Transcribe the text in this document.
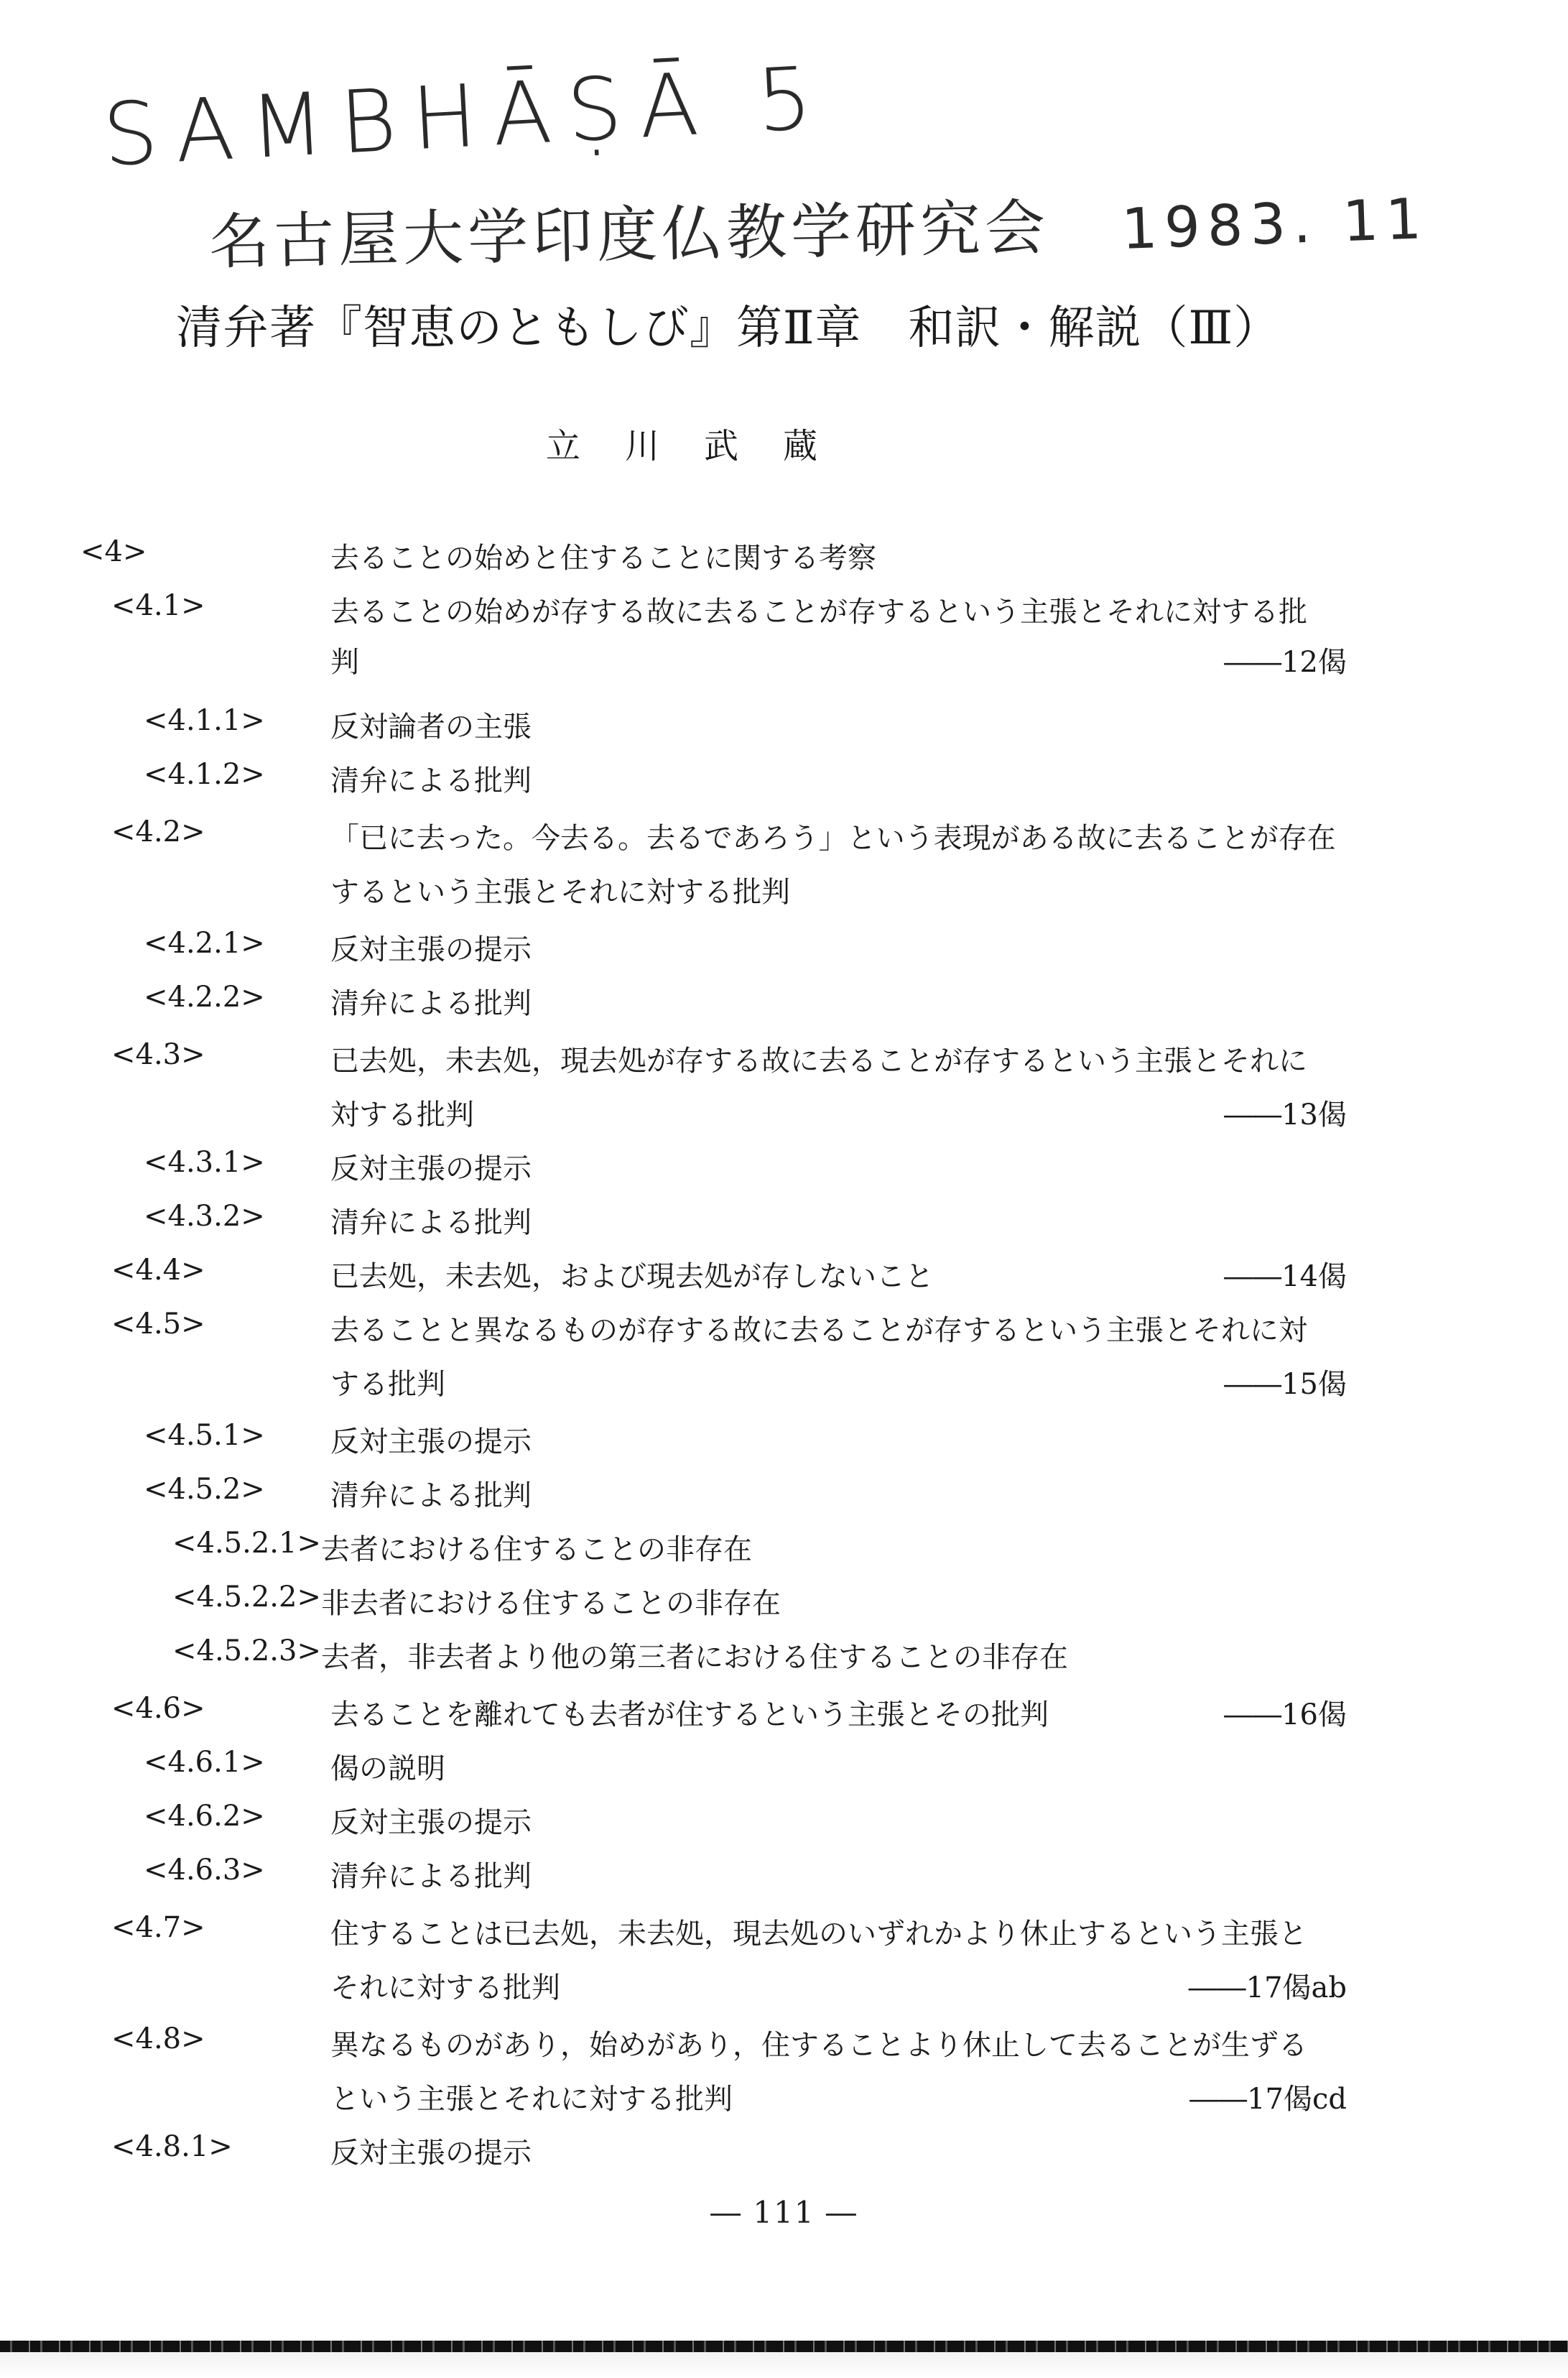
SAMBHĀṢĀ 5
名古屋大学印度仏教学研究会 1983. 11
清弁著『智恵のともしび』第Ⅱ章　和訳・解説（Ⅲ）
立川武蔵
<4>	去ることの始めと住することに関する考察
<4.1>	去ることの始めが存する故に去ることが存するという主張とそれに対する批
判	――12偈
<4.1.1> 反対論者の主張
<4.1.2> 清弁による批判
<4.2>	「已に去った。今去る。去るであろう」という表現がある故に去ることが存在
するという主張とそれに対する批判
<4.2.1> 反対主張の提示
<4.2.2> 清弁による批判
<4.3>	已去処，未去処，現去処が存する故に去ることが存するという主張とそれに
対する批判	――13偈
<4.3.1> 反対主張の提示
<4.3.2> 清弁による批判
<4.4>	已去処，未去処，および現去処が存しないこと	――14偈
<4.5>	去ることと異なるものが存する故に去ることが存するという主張とそれに対
する批判	――15偈
<4.5.1> 反対主張の提示
<4.5.2> 清弁による批判
<4.5.2.1> 去者における住することの非存在
<4.5.2.2> 非去者における住することの非存在
<4.5.2.3> 去者，非去者より他の第三者における住することの非存在
<4.6>	去ることを離れても去者が住するという主張とその批判	――16偈
<4.6.1> 偈の説明
<4.6.2> 反対主張の提示
<4.6.3> 清弁による批判
<4.7>	住することは已去処，未去処，現去処のいずれかより休止するという主張と
それに対する批判	――17偈ab
<4.8>	異なるものがあり，始めがあり，住することより休止して去ることが生ずる
という主張とそれに対する批判	――17偈cd
<4.8.1>	反対主張の提示
― 111 ―
